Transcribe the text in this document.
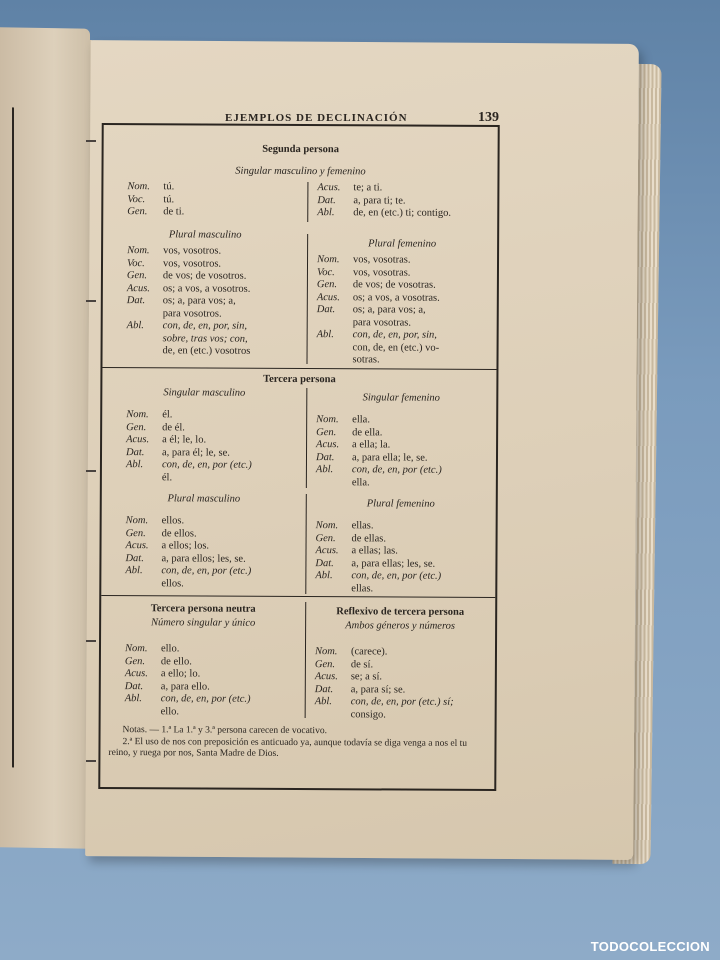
EJEMPLOS DE DECLINACIÓN	139
Segunda persona
Singular masculino y femenino
Nom. tú.
Voc. tú.
Gen. de ti.
Acus. te; a ti.
Dat. a, para ti; te.
Abl. de, en (etc.) ti; contigo.
Plural masculino
Plural femenino
Nom. vos, vosotros.
Voc. vos, vosotros.
Gen. de vos; de vosotros.
Acus. os; a vos, a vosotros.
Dat. os; a, para vos; a,
para vosotros.
Abl. con, de, en, por, sin,
sobre, tras vos; con,
de, en (etc.) vosotros
Nom. vos, vosotras.
Voc. vos, vosotras.
Gen. de vos; de vosotras.
Acus. os; a vos, a vosotras.
Dat. os; a, para vos; a,
para vosotras.
Abl. con, de, en, por, sin,
con, de, en (etc.) vo-
sotras.
Tercera persona
Singular masculino	Singular femenino
Nom. él.
Gen. de él.
Acus. a él; le, lo.
Dat. a, para él; le, se.
Abl. con, de, en, por (etc.)
él.
Nom. ella.
Gen. de ella.
Acus. a ella; la.
Dat. a, para ella; le, se.
Abl. con, de, en, por (etc.)
ella.
Plural masculino	Plural femenino
Nom. ellos.
Gen. de ellos.
Acus. a ellos; los.
Dat. a, para ellos; les, se.
Abl. con, de, en, por (etc.)
ellos.
Nom. ellas.
Gen. de ellas.
Acus. a ellas; las.
Dat. a, para ellas; les, se.
Abl. con, de, en, por (etc.)
ellas.
Tercera persona neutra
Número singular y único
Reflexivo de tercera persona
Ambos géneros y números
Nom. ello.
Gen. de ello.
Acus. a ello; lo.
Dat. a, para ello.
Abl. con, de, en, por (etc.)
ello.
Nom. (carece).
Gen. de sí.
Acus. se; a sí.
Dat. a, para sí; se.
Abl. con, de, en, por (etc.) sí;
consigo.

Notas. — 1.ª La 1.ª y 3.ª persona carecen de vocativo.

2.ª El uso de nos con preposición es anticuado ya, aunque todavía se diga venga a nos el tu reino, y ruega por nos, Santa Madre de Dios.

TODOCOLECCION
